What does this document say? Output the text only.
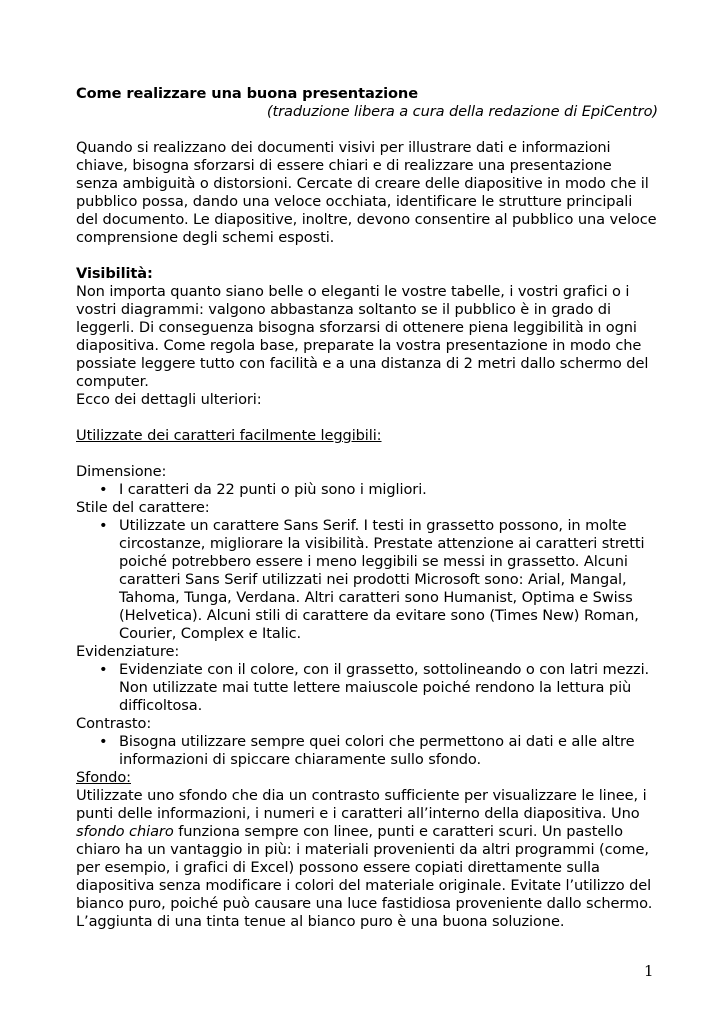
Come realizzare una buona presentazione

(traduzione libera a cura della redazione di EpiCentro)

Quando si realizzano dei documenti visivi per illustrare dati e informazioni chiave, bisogna sforzarsi di essere chiari e di realizzare una presentazione senza ambiguità o distorsioni. Cercate di creare delle diapositive in modo che il pubblico possa, dando una veloce occhiata, identificare le strutture principali del documento. Le diapositive, inoltre, devono consentire al pubblico una veloce comprensione degli schemi esposti.

Visibilità:

Non importa quanto siano belle o eleganti le vostre tabelle, i vostri grafici o i vostri diagrammi: valgono abbastanza soltanto se il pubblico è in grado di leggerli. Di conseguenza bisogna sforzarsi di ottenere piena leggibilità in ogni diapositiva. Come regola base, preparate la vostra presentazione in modo che possiate leggere tutto con facilità e a una distanza di 2 metri dallo schermo del computer.

Ecco dei dettagli ulteriori:

Utilizzate dei caratteri facilmente leggibili:

Dimensione:

• I caratteri da 22 punti o più sono i migliori.

Stile del carattere:

• Utilizzate un carattere Sans Serif. I testi in grassetto possono, in molte circostanze, migliorare la visibilità. Prestate attenzione ai caratteri stretti poiché potrebbero essere i meno leggibili se messi in grassetto. Alcuni caratteri Sans Serif utilizzati nei prodotti Microsoft sono: Arial, Mangal, Tahoma, Tunga, Verdana. Altri caratteri sono Humanist, Optima e Swiss (Helvetica). Alcuni stili di carattere da evitare sono (Times New) Roman, Courier, Complex e Italic.

Evidenziature:

• Evidenziate con il colore, con il grassetto, sottolineando o con latri mezzi. Non utilizzate mai tutte lettere maiuscole poiché rendono la lettura più difficoltosa.

Contrasto:

• Bisogna utilizzare sempre quei colori che permettono ai dati e alle altre informazioni di spiccare chiaramente sullo sfondo.

Sfondo:

Utilizzate uno sfondo che dia un contrasto sufficiente per visualizzare le linee, i punti delle informazioni, i numeri e i caratteri all’interno della diapositiva. Uno sfondo chiaro funziona sempre con linee, punti e caratteri scuri. Un pastello chiaro ha un vantaggio in più: i materiali provenienti da altri programmi (come, per esempio, i grafici di Excel) possono essere copiati direttamente sulla diapositiva senza modificare i colori del materiale originale. Evitate l’utilizzo del bianco puro, poiché può causare una luce fastidiosa proveniente dallo schermo. L’aggiunta di una tinta tenue al bianco puro è una buona soluzione.

1
